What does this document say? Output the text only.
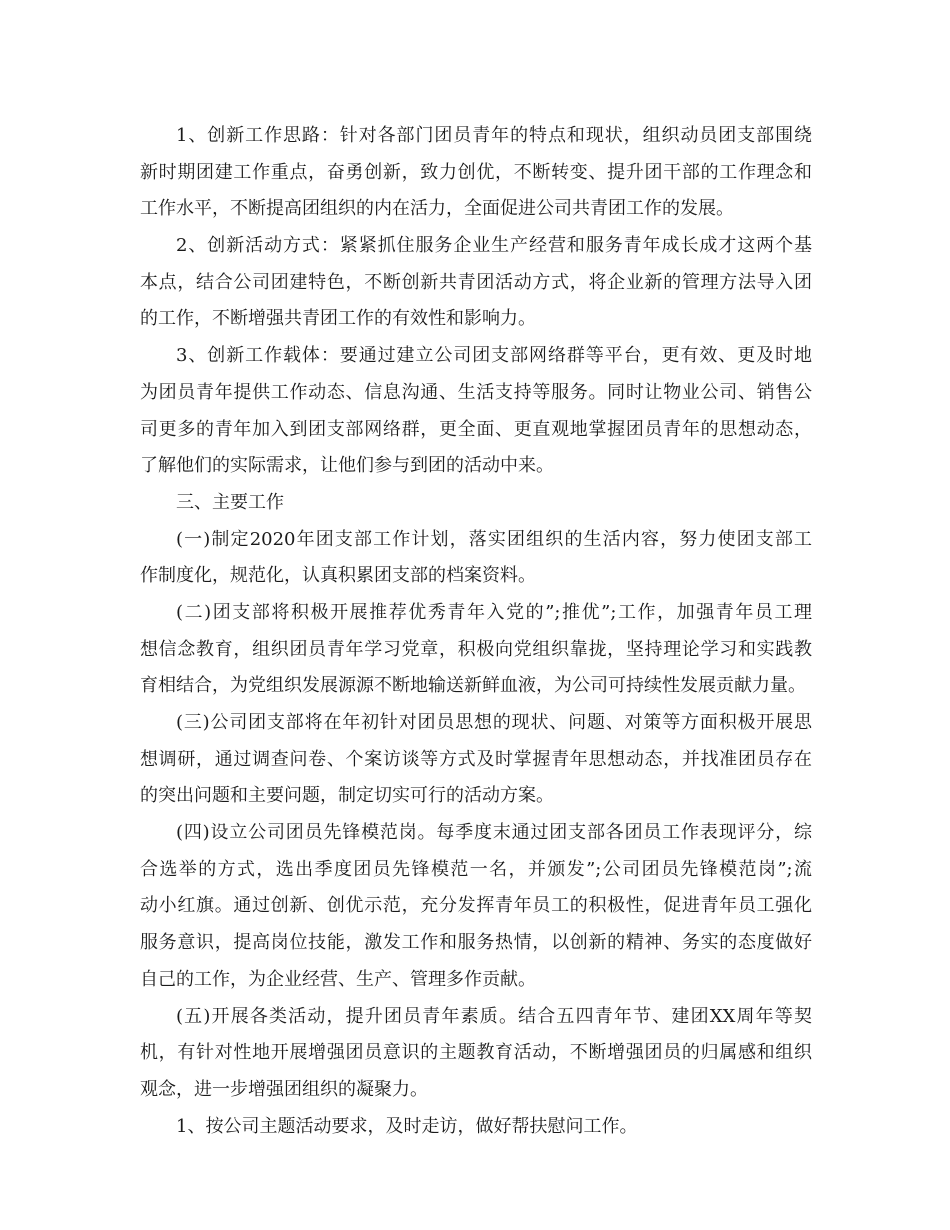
1、创新工作思路：针对各部门团员青年的特点和现状，组织动员团支部围绕
新时期团建工作重点，奋勇创新，致力创优，不断转变、提升团干部的工作理念和
工作水平，不断提高团组织的内在活力，全面促进公司共青团工作的发展。
2、创新活动方式：紧紧抓住服务企业生产经营和服务青年成长成才这两个基
本点，结合公司团建特色，不断创新共青团活动方式，将企业新的管理方法导入团
的工作，不断增强共青团工作的有效性和影响力。
3、创新工作载体：要通过建立公司团支部网络群等平台，更有效、更及时地
为团员青年提供工作动态、信息沟通、生活支持等服务。同时让物业公司、销售公
司更多的青年加入到团支部网络群，更全面、更直观地掌握团员青年的思想动态，
了解他们的实际需求，让他们参与到团的活动中来。
三、主要工作
(一)制定2020年团支部工作计划，落实团组织的生活内容，努力使团支部工
作制度化，规范化，认真积累团支部的档案资料。
(二)团支部将积极开展推荐优秀青年入党的”;推优”;工作，加强青年员工理
想信念教育，组织团员青年学习党章，积极向党组织靠拢，坚持理论学习和实践教
育相结合，为党组织发展源源不断地输送新鲜血液，为公司可持续性发展贡献力量。
(三)公司团支部将在年初针对团员思想的现状、问题、对策等方面积极开展思
想调研，通过调查问卷、个案访谈等方式及时掌握青年思想动态，并找准团员存在
的突出问题和主要问题，制定切实可行的活动方案。
(四)设立公司团员先锋模范岗。每季度末通过团支部各团员工作表现评分，综
合选举的方式，选出季度团员先锋模范一名，并颁发”;公司团员先锋模范岗”;流
动小红旗。通过创新、创优示范，充分发挥青年员工的积极性，促进青年员工强化
服务意识，提高岗位技能，激发工作和服务热情，以创新的精神、务实的态度做好
自己的工作，为企业经营、生产、管理多作贡献。
(五)开展各类活动，提升团员青年素质。结合五四青年节、建团XX周年等契
机，有针对性地开展增强团员意识的主题教育活动，不断增强团员的归属感和组织
观念，进一步增强团组织的凝聚力。
1、按公司主题活动要求，及时走访，做好帮扶慰问工作。
